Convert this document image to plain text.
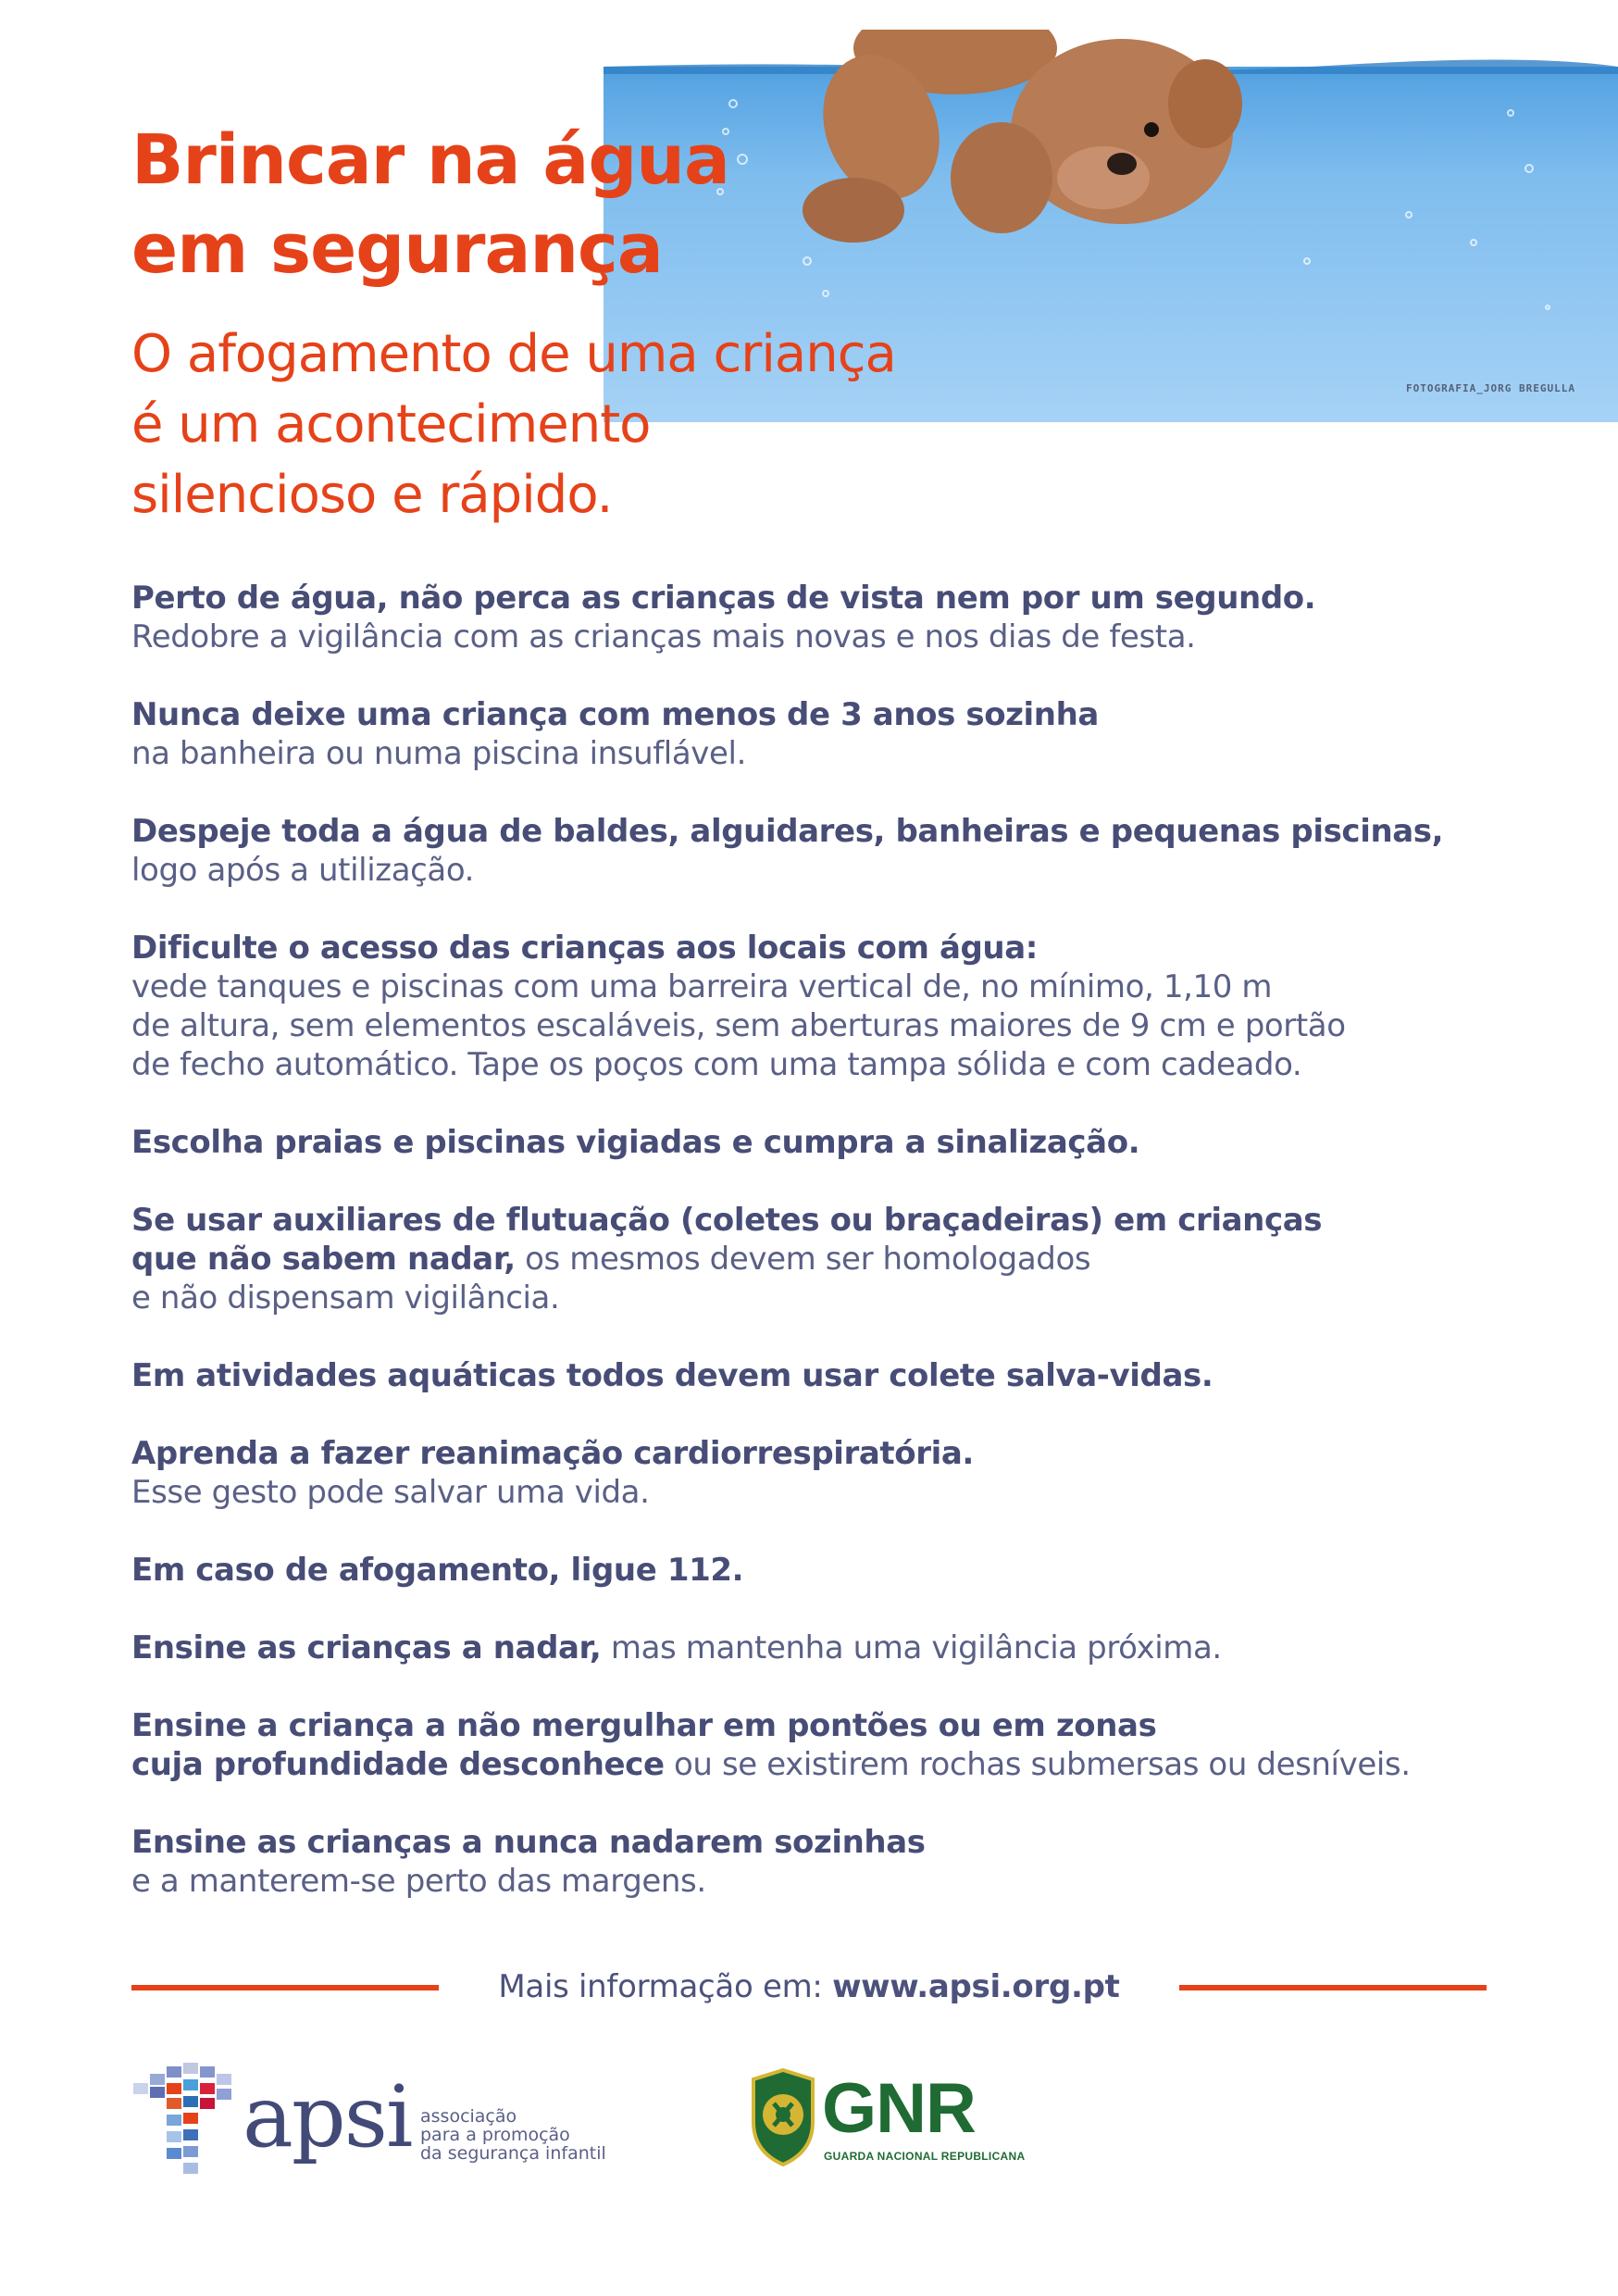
FOTOGRAFIA_JORG BREGULLA
Brincar na água
em segurança

O afogamento de uma criança
é um acontecimento
silencioso e rápido.

Perto de água, não perca as crianças de vista nem por um segundo.
Redobre a vigilância com as crianças mais novas e nos dias de festa.

Nunca deixe uma criança com menos de 3 anos sozinha
na banheira ou numa piscina insuflável.

Despeje toda a água de baldes, alguidares, banheiras e pequenas piscinas,
logo após a utilização.

Dificulte o acesso das crianças aos locais com água:
vede tanques e piscinas com uma barreira vertical de, no mínimo, 1,10 m
de altura, sem elementos escaláveis, sem aberturas maiores de 9 cm e portão
de fecho automático. Tape os poços com uma tampa sólida e com cadeado.

Escolha praias e piscinas vigiadas e cumpra a sinalização.

Se usar auxiliares de flutuação (coletes ou braçadeiras) em crianças
que não sabem nadar, os mesmos devem ser homologados
e não dispensam vigilância.

Em atividades aquáticas todos devem usar colete salva-vidas.

Aprenda a fazer reanimação cardiorrespiratória.
Esse gesto pode salvar uma vida.

Em caso de afogamento, ligue 112.

Ensine as crianças a nadar, mas mantenha uma vigilância próxima.

Ensine a criança a não mergulhar em pontões ou em zonas
cuja profundidade desconhece ou se existirem rochas submersas ou desníveis.

Ensine as crianças a nunca nadarem sozinhas
e a manterem-se perto das margens.

Mais informação em: www.apsi.org.pt
apsi associação
para a promoção
da segurança infantil
GNR
GUARDA NACIONAL REPUBLICANA
